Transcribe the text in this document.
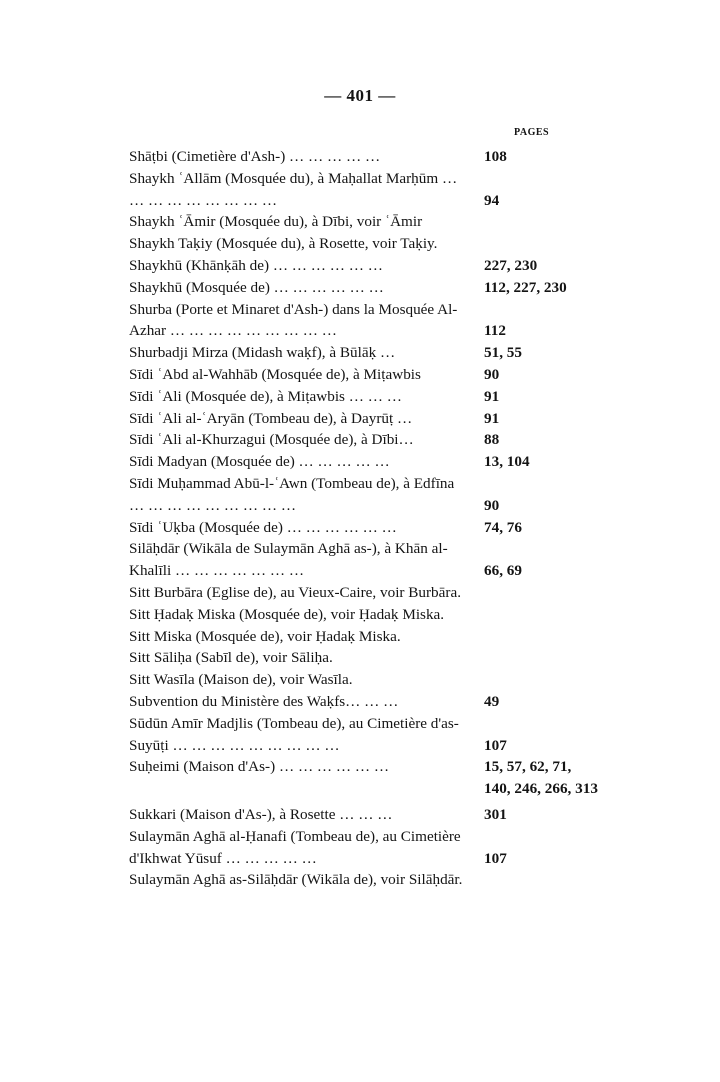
— 401 —
PAGES
Shāṭbi (Cimetière d'Ash-) … … … … …	108
Shaykh ʿAllām (Mosquée du), à Maḥallat Marḥūm … … … … … … … … …	94
Shaykh ʿĀmir (Mosquée du), à Dībi, voir ʿĀmir
Shaykh Taḳiy (Mosquée du), à Rosette, voir Taḳiy.
Shaykhū (Khānḳāh de) … … … … … …	227, 230
Shaykhū (Mosquée de) … … … … … …	112, 227, 230
Shurba (Porte et Minaret d'Ash-) dans la Mosquée Al-Azhar … … … … … … … … …	112
Shurbadji Mirza (Midash waḳf), à Būlāḳ …	51, 55
Sīdi ʿAbd al-Wahhāb (Mosquée de), à Miṭawbis	90
Sīdi ʿAli (Mosquée de), à Miṭawbis … … …	91
Sīdi ʿAli al-ʿAryān (Tombeau de), à Dayrūṭ …	91
Sīdi ʿAli al-Khurzagui (Mosquée de), à Dībi…	88
Sīdi Madyan (Mosquée de) … … … … …	13, 104
Sīdi Muḥammad Abū-l-ʿAwn (Tombeau de), à Edfīna … … … … … … … … …	90
Sīdi ʿUḳba (Mosquée de) … … … … … …	74, 76
Silāḥdār (Wikāla de Sulaymān Aghā as-), à Khān al-Khalīli … … … … … … …	66, 69
Sitt Burbāra (Eglise de), au Vieux-Caire, voir Burbāra.
Sitt Ḥadaḳ Miska (Mosquée de), voir Ḥadaḳ Miska.
Sitt Miska (Mosquée de), voir Ḥadaḳ Miska.
Sitt Sāliḥa (Sabīl de), voir Sāliḥa.
Sitt Wasīla (Maison de), voir Wasīla.
Subvention du Ministère des Waḳfs… … …	49
Sūdūn Amīr Madjlis (Tombeau de), au Cimetière d'as-Suyūṭi … … … … … … … … …	107
Suḥeimi (Maison d'As-) … … … … … …	15, 57, 62, 71,
140, 246, 266, 313
Sukkari (Maison d'As-), à Rosette … … …	301
Sulaymān Aghā al-Ḥanafi (Tombeau de), au Cimetière d'Ikhwat Yūsuf … … … … …	107
Sulaymān Aghā as-Silāḥdār (Wikāla de), voir Silāḥdār.
